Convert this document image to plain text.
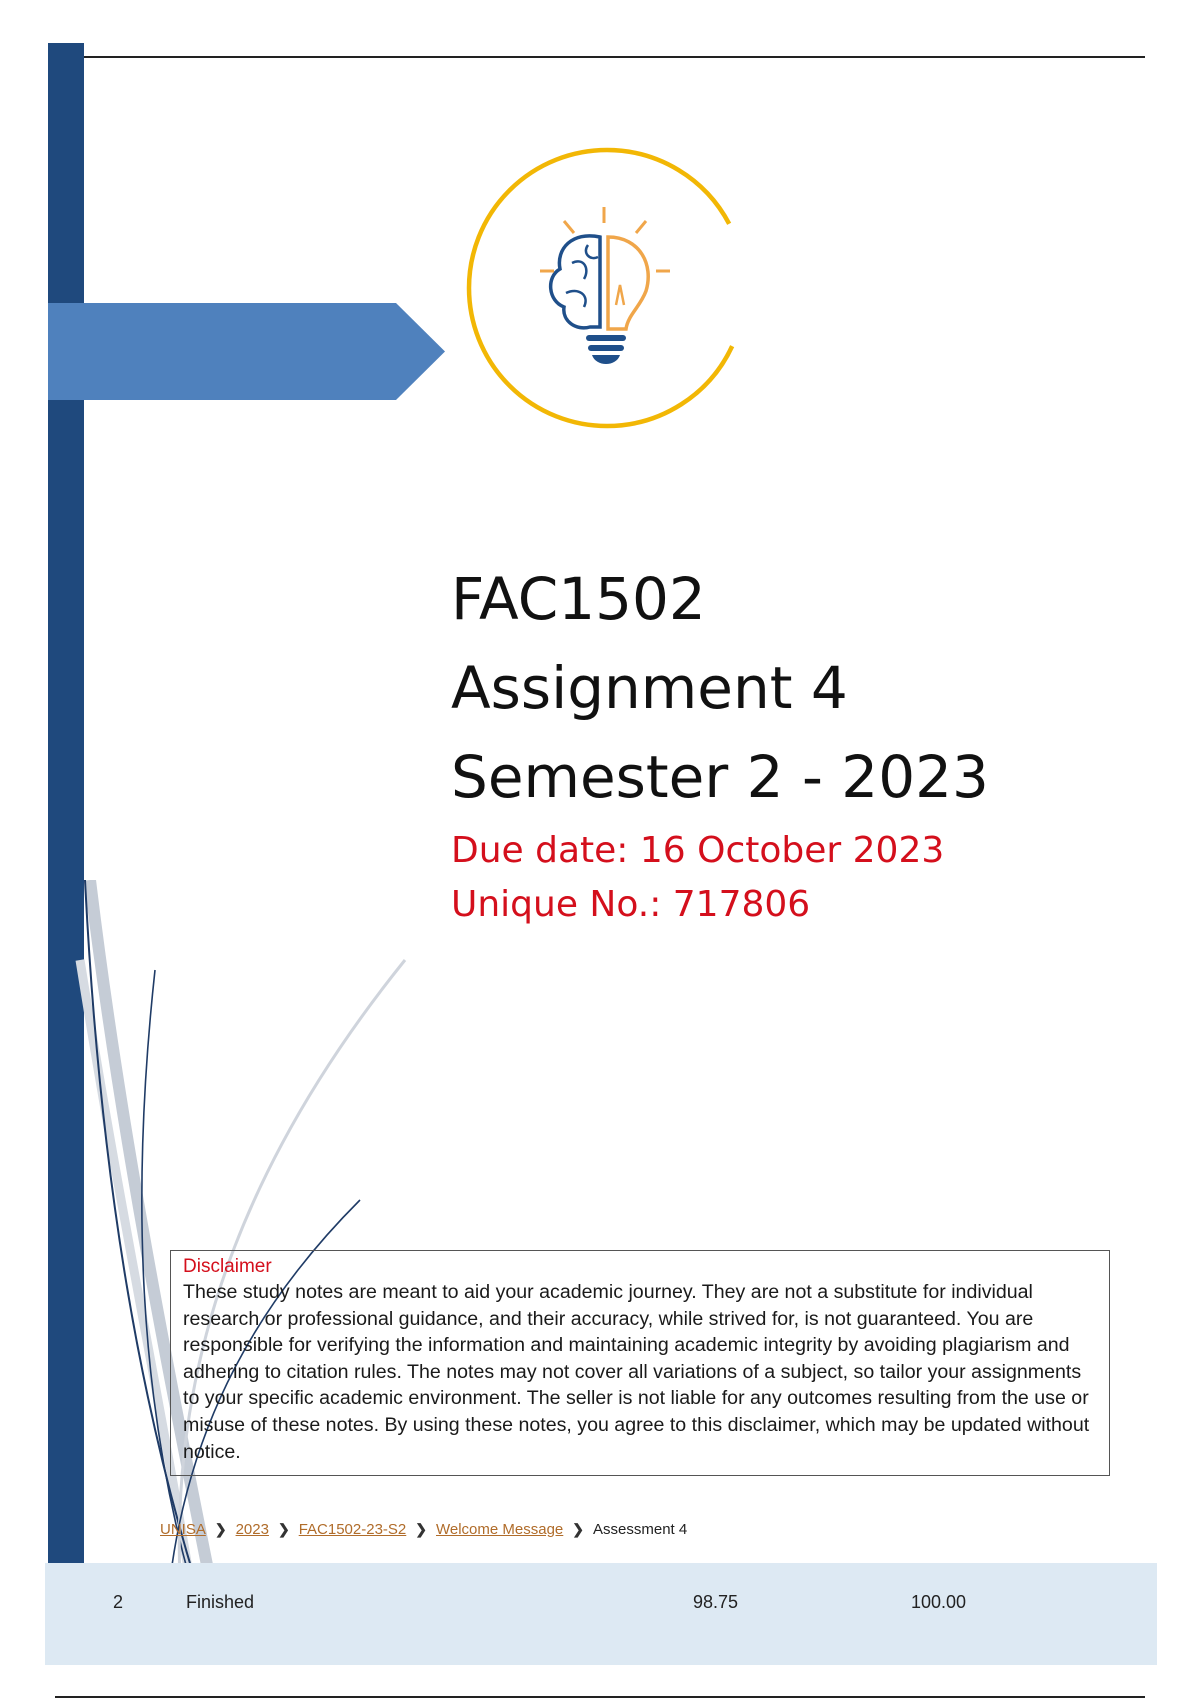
FAC1502
Assignment 4
Semester 2 - 2023
Due date: 16 October 2023
Unique No.: 717806
Disclaimer
These study notes are meant to aid your academic journey. They are not a substitute for individual research or professional guidance, and their accuracy, while strived for, is not guaranteed. You are responsible for verifying the information and maintaining academic integrity by avoiding plagiarism and adhering to citation rules. The notes may not cover all variations of a subject, so tailor your assignments to your specific academic environment. The seller is not liable for any outcomes resulting from the use or misuse of these notes. By using these notes, you agree to this disclaimer, which may be updated without notice.
UNISA ❯ 2023 ❯ FAC1502-23-S2 ❯ Welcome Message ❯ Assessment 4
2	Finished	98.75	100.00
